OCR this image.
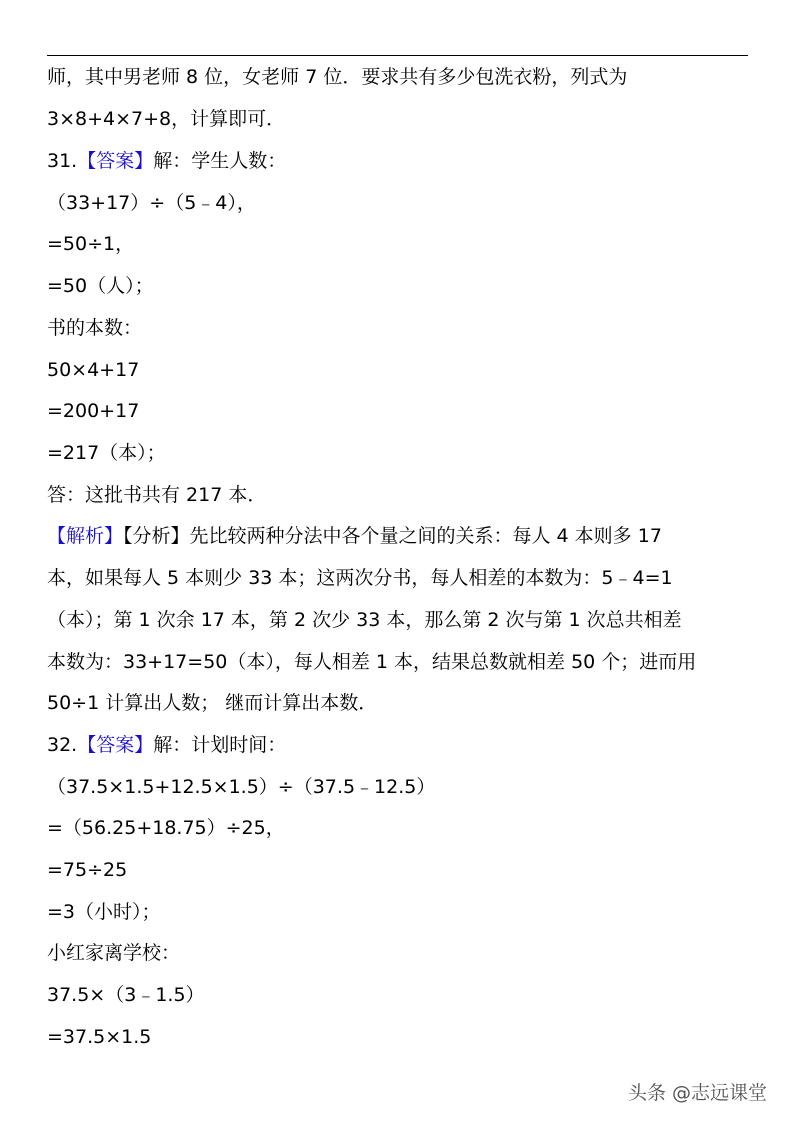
师，其中男老师 8 位，女老师 7 位．要求共有多少包洗衣粉，列式为
3×8+4×7+8，计算即可．
31.【答案】解：学生人数：
（33+17）÷（5﹣4），
=50÷1，
=50（人）；
书的本数：
50×4+17
=200+17
=217（本）；
答：这批书共有 217 本．
【解析】【分析】先比较两种分法中各个量之间的关系：每人 4 本则多 17
本，如果每人 5 本则少 33 本；这两次分书，每人相差的本数为：5﹣4=1
（本）；第 1 次余 17 本，第 2 次少 33 本，那么第 2 次与第 1 次总共相差
本数为：33+17=50（本），每人相差 1 本，结果总数就相差 50 个；进而用
50÷1 计算出人数； 继而计算出本数．
32.【答案】解：计划时间：
（37.5×1.5+12.5×1.5）÷（37.5﹣12.5）
=（56.25+18.75）÷25，
=75÷25
=3（小时）；
小红家离学校：
37.5×（3﹣1.5）
=37.5×1.5
头条 @志远课堂
